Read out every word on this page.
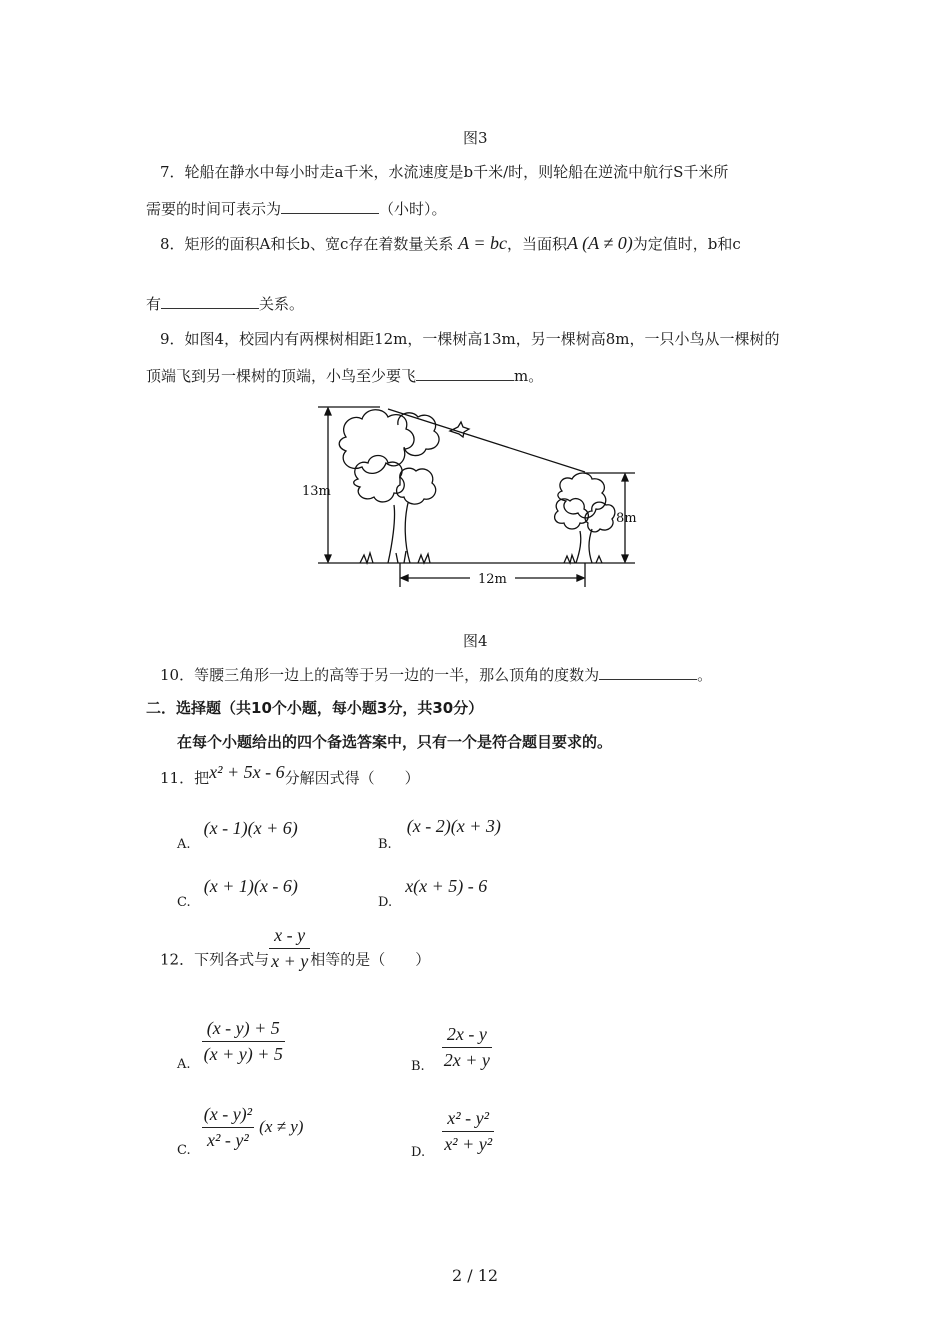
图3
7．轮船在静水中每小时走a千米，水流速度是b千米/时，则轮船在逆流中航行S千米所
需要的时间可表示为	（小时）。
8．矩形的面积A和长b、宽c存在着数量关系 A = bc，当面积A (A ≠ 0)为定值时，b和c
有	关系。
9．如图4，校园内有两棵树相距12m，一棵树高13m，另一棵树高8m，一只小鸟从一棵树的
顶端飞到另一棵树的顶端，小鸟至少要飞	m。
13m
8m
12m
图4
10．等腰三角形一边上的高等于另一边的一半，那么顶角的度数为	。
二．选择题（共10个小题，每小题3分，共30分）
在每个小题给出的四个备选答案中，只有一个是符合题目要求的。
11．把x² + 5x - 6分解因式得（　　）
$_{A.}$ (x - 1)(x + 6)
$_{B.}$ (x - 2)(x + 3)
$_{C.}$ (x + 1)(x - 6)
$_{D.}$ x(x + 5) - 6
12．下列各式与 $\frac{x - y}{x + y}$ 相等的是（　　）
$_{A.} \frac{(x - y) + 5}{(x + y) + 5}$
$_{B.} \frac{2x - y}{2x + y}$
$_{C.} \frac{\text{(x - y)²}}{\text{x² - y²}} (x \ne y)$
$_{D.} \frac{\text{x² - y²}}{\text{x² + y²}}$
2 / 12
